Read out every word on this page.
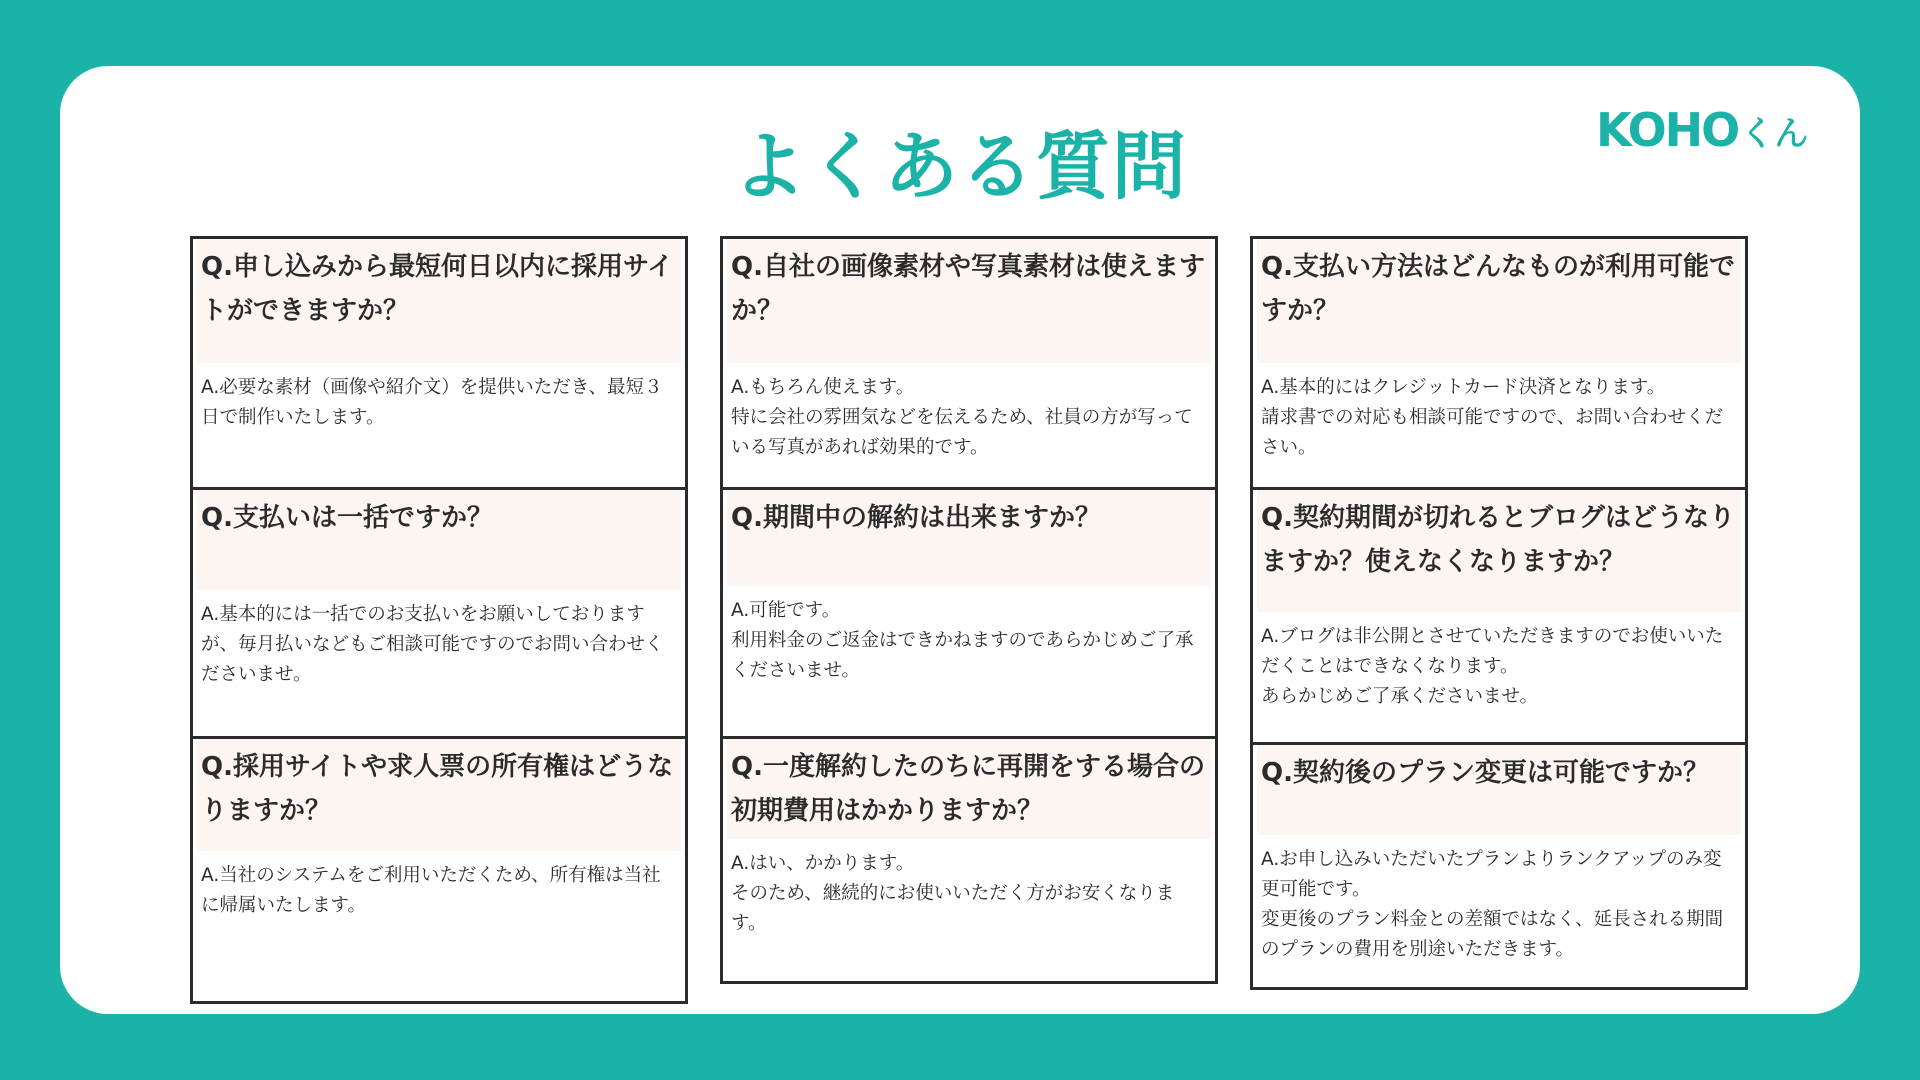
よくある質問	KOHO くん
Q.申し込みから最短何日以内に採用サイトができますか？

A.必要な素材（画像や紹介文）を提供いただき、最短３日で制作いたします。

Q.支払いは一括ですか？

A.基本的には一括でのお支払いをお願いしておりますが、毎月払いなどもご相談可能ですのでお問い合わせくださいませ。

Q.採用サイトや求人票の所有権はどうなりますか？

A.当社のシステムをご利用いただくため、所有権は当社に帰属いたします。

Q.自社の画像素材や写真素材は使えますか？

A.もちろん使えます。

特に会社の雰囲気などを伝えるため、社員の方が写っている写真があれば効果的です。

Q.期間中の解約は出来ますか？

A.可能です。

利用料金のご返金はできかねますのであらかじめご了承くださいませ。

Q.一度解約したのちに再開をする場合の初期費用はかかりますか？

A.はい、かかります。

そのため、継続的にお使いいただく方がお安くなります。

Q.支払い方法はどんなものが利用可能ですか？

A.基本的にはクレジットカード決済となります。

請求書での対応も相談可能ですので、お問い合わせください。

Q.契約期間が切れるとブログはどうなりますか？使えなくなりますか？

A.ブログは非公開とさせていただきますのでお使いいただくことはできなくなります。

あらかじめご了承くださいませ。

Q.契約後のプラン変更は可能ですか？

A.お申し込みいただいたプランよりランクアップのみ変更可能です。

変更後のプラン料金との差額ではなく、延長される期間のプランの費用を別途いただきます。
